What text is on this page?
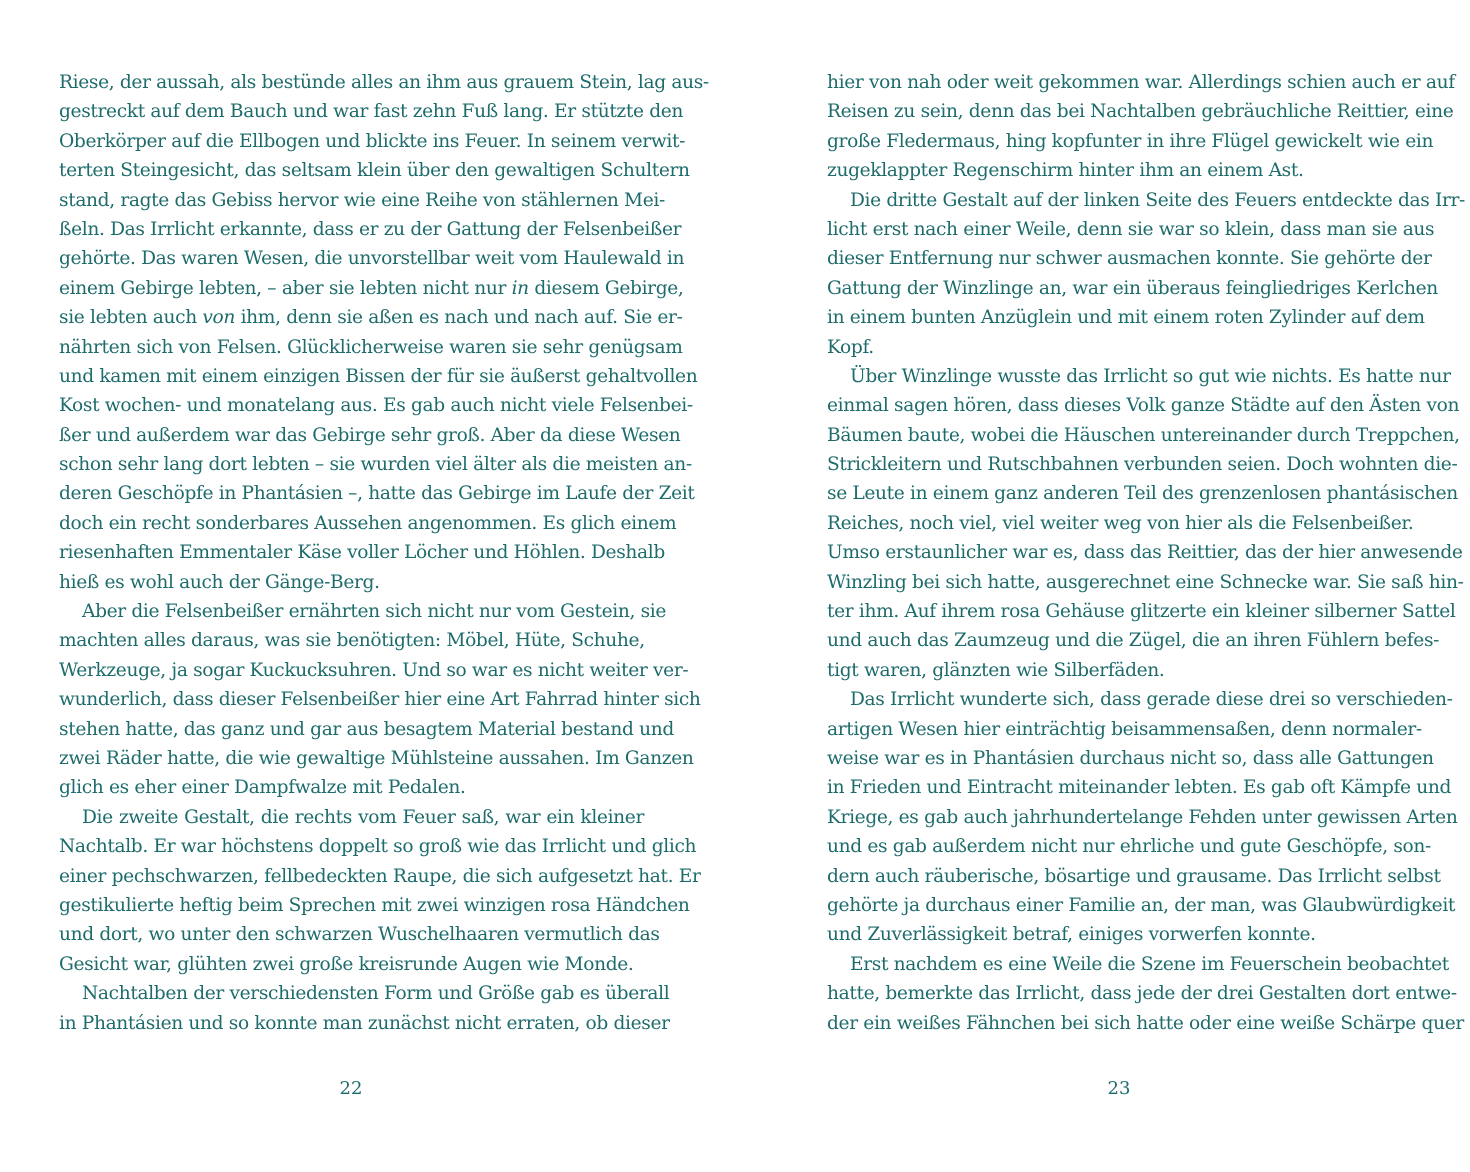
Riese, der aussah, als bestünde alles an ihm aus grauem Stein, lag aus-
gestreckt auf dem Bauch und war fast zehn Fuß lang. Er stützte den
Oberkörper auf die Ellbogen und blickte ins Feuer. In seinem verwit-
terten Steingesicht, das seltsam klein über den gewaltigen Schultern
stand, ragte das Gebiss hervor wie eine Reihe von stählernen Mei-
ßeln. Das Irrlicht erkannte, dass er zu der Gattung der Felsenbeißer
gehörte. Das waren Wesen, die unvorstellbar weit vom Haulewald in
einem Gebirge lebten, – aber sie lebten nicht nur in diesem Gebirge,
sie lebten auch von ihm, denn sie aßen es nach und nach auf. Sie er-
nährten sich von Felsen. Glücklicherweise waren sie sehr genügsam
und kamen mit einem einzigen Bissen der für sie äußerst gehaltvollen
Kost wochen- und monatelang aus. Es gab auch nicht viele Felsenbei-
ßer und außerdem war das Gebirge sehr groß. Aber da diese Wesen
schon sehr lang dort lebten – sie wurden viel älter als die meisten an-
deren Geschöpfe in Phantásien –, hatte das Gebirge im Laufe der Zeit
doch ein recht sonderbares Aussehen angenommen. Es glich einem
riesenhaften Emmentaler Käse voller Löcher und Höhlen. Deshalb
hieß es wohl auch der Gänge-Berg.
Aber die Felsenbeißer ernährten sich nicht nur vom Gestein, sie
machten alles daraus, was sie benötigten: Möbel, Hüte, Schuhe,
Werkzeuge, ja sogar Kuckucksuhren. Und so war es nicht weiter ver-
wunderlich, dass dieser Felsenbeißer hier eine Art Fahrrad hinter sich
stehen hatte, das ganz und gar aus besagtem Material bestand und
zwei Räder hatte, die wie gewaltige Mühlsteine aussahen. Im Ganzen
glich es eher einer Dampfwalze mit Pedalen.
Die zweite Gestalt, die rechts vom Feuer saß, war ein kleiner
Nachtalb. Er war höchstens doppelt so groß wie das Irrlicht und glich
einer pechschwarzen, fellbedeckten Raupe, die sich aufgesetzt hat. Er
gestikulierte heftig beim Sprechen mit zwei winzigen rosa Händchen
und dort, wo unter den schwarzen Wuschelhaaren vermutlich das
Gesicht war, glühten zwei große kreisrunde Augen wie Monde.
Nachtalben der verschiedensten Form und Größe gab es überall
in Phantásien und so konnte man zunächst nicht erraten, ob dieser
22
hier von nah oder weit gekommen war. Allerdings schien auch er auf
Reisen zu sein, denn das bei Nachtalben gebräuchliche Reittier, eine
große Fledermaus, hing kopfunter in ihre Flügel gewickelt wie ein
zugeklappter Regenschirm hinter ihm an einem Ast.
Die dritte Gestalt auf der linken Seite des Feuers entdeckte das Irr-
licht erst nach einer Weile, denn sie war so klein, dass man sie aus
dieser Entfernung nur schwer ausmachen konnte. Sie gehörte der
Gattung der Winzlinge an, war ein überaus feingliedriges Kerlchen
in einem bunten Anzüglein und mit einem roten Zylinder auf dem
Kopf.
Über Winzlinge wusste das Irrlicht so gut wie nichts. Es hatte nur
einmal sagen hören, dass dieses Volk ganze Städte auf den Ästen von
Bäumen baute, wobei die Häuschen untereinander durch Treppchen,
Strickleitern und Rutschbahnen verbunden seien. Doch wohnten die-
se Leute in einem ganz anderen Teil des grenzenlosen phantásischen
Reiches, noch viel, viel weiter weg von hier als die Felsenbeißer.
Umso erstaunlicher war es, dass das Reittier, das der hier anwesende
Winzling bei sich hatte, ausgerechnet eine Schnecke war. Sie saß hin-
ter ihm. Auf ihrem rosa Gehäuse glitzerte ein kleiner silberner Sattel
und auch das Zaumzeug und die Zügel, die an ihren Fühlern befes-
tigt waren, glänzten wie Silberfäden.
Das Irrlicht wunderte sich, dass gerade diese drei so verschieden-
artigen Wesen hier einträchtig beisammensaßen, denn normaler-
weise war es in Phantásien durchaus nicht so, dass alle Gattungen
in Frieden und Eintracht miteinander lebten. Es gab oft Kämpfe und
Kriege, es gab auch jahrhundertelange Fehden unter gewissen Arten
und es gab außerdem nicht nur ehrliche und gute Geschöpfe, son-
dern auch räuberische, bösartige und grausame. Das Irrlicht selbst
gehörte ja durchaus einer Familie an, der man, was Glaubwürdigkeit
und Zuverlässigkeit betraf, einiges vorwerfen konnte.
Erst nachdem es eine Weile die Szene im Feuerschein beobachtet
hatte, bemerkte das Irrlicht, dass jede der drei Gestalten dort entwe-
der ein weißes Fähnchen bei sich hatte oder eine weiße Schärpe quer
23
